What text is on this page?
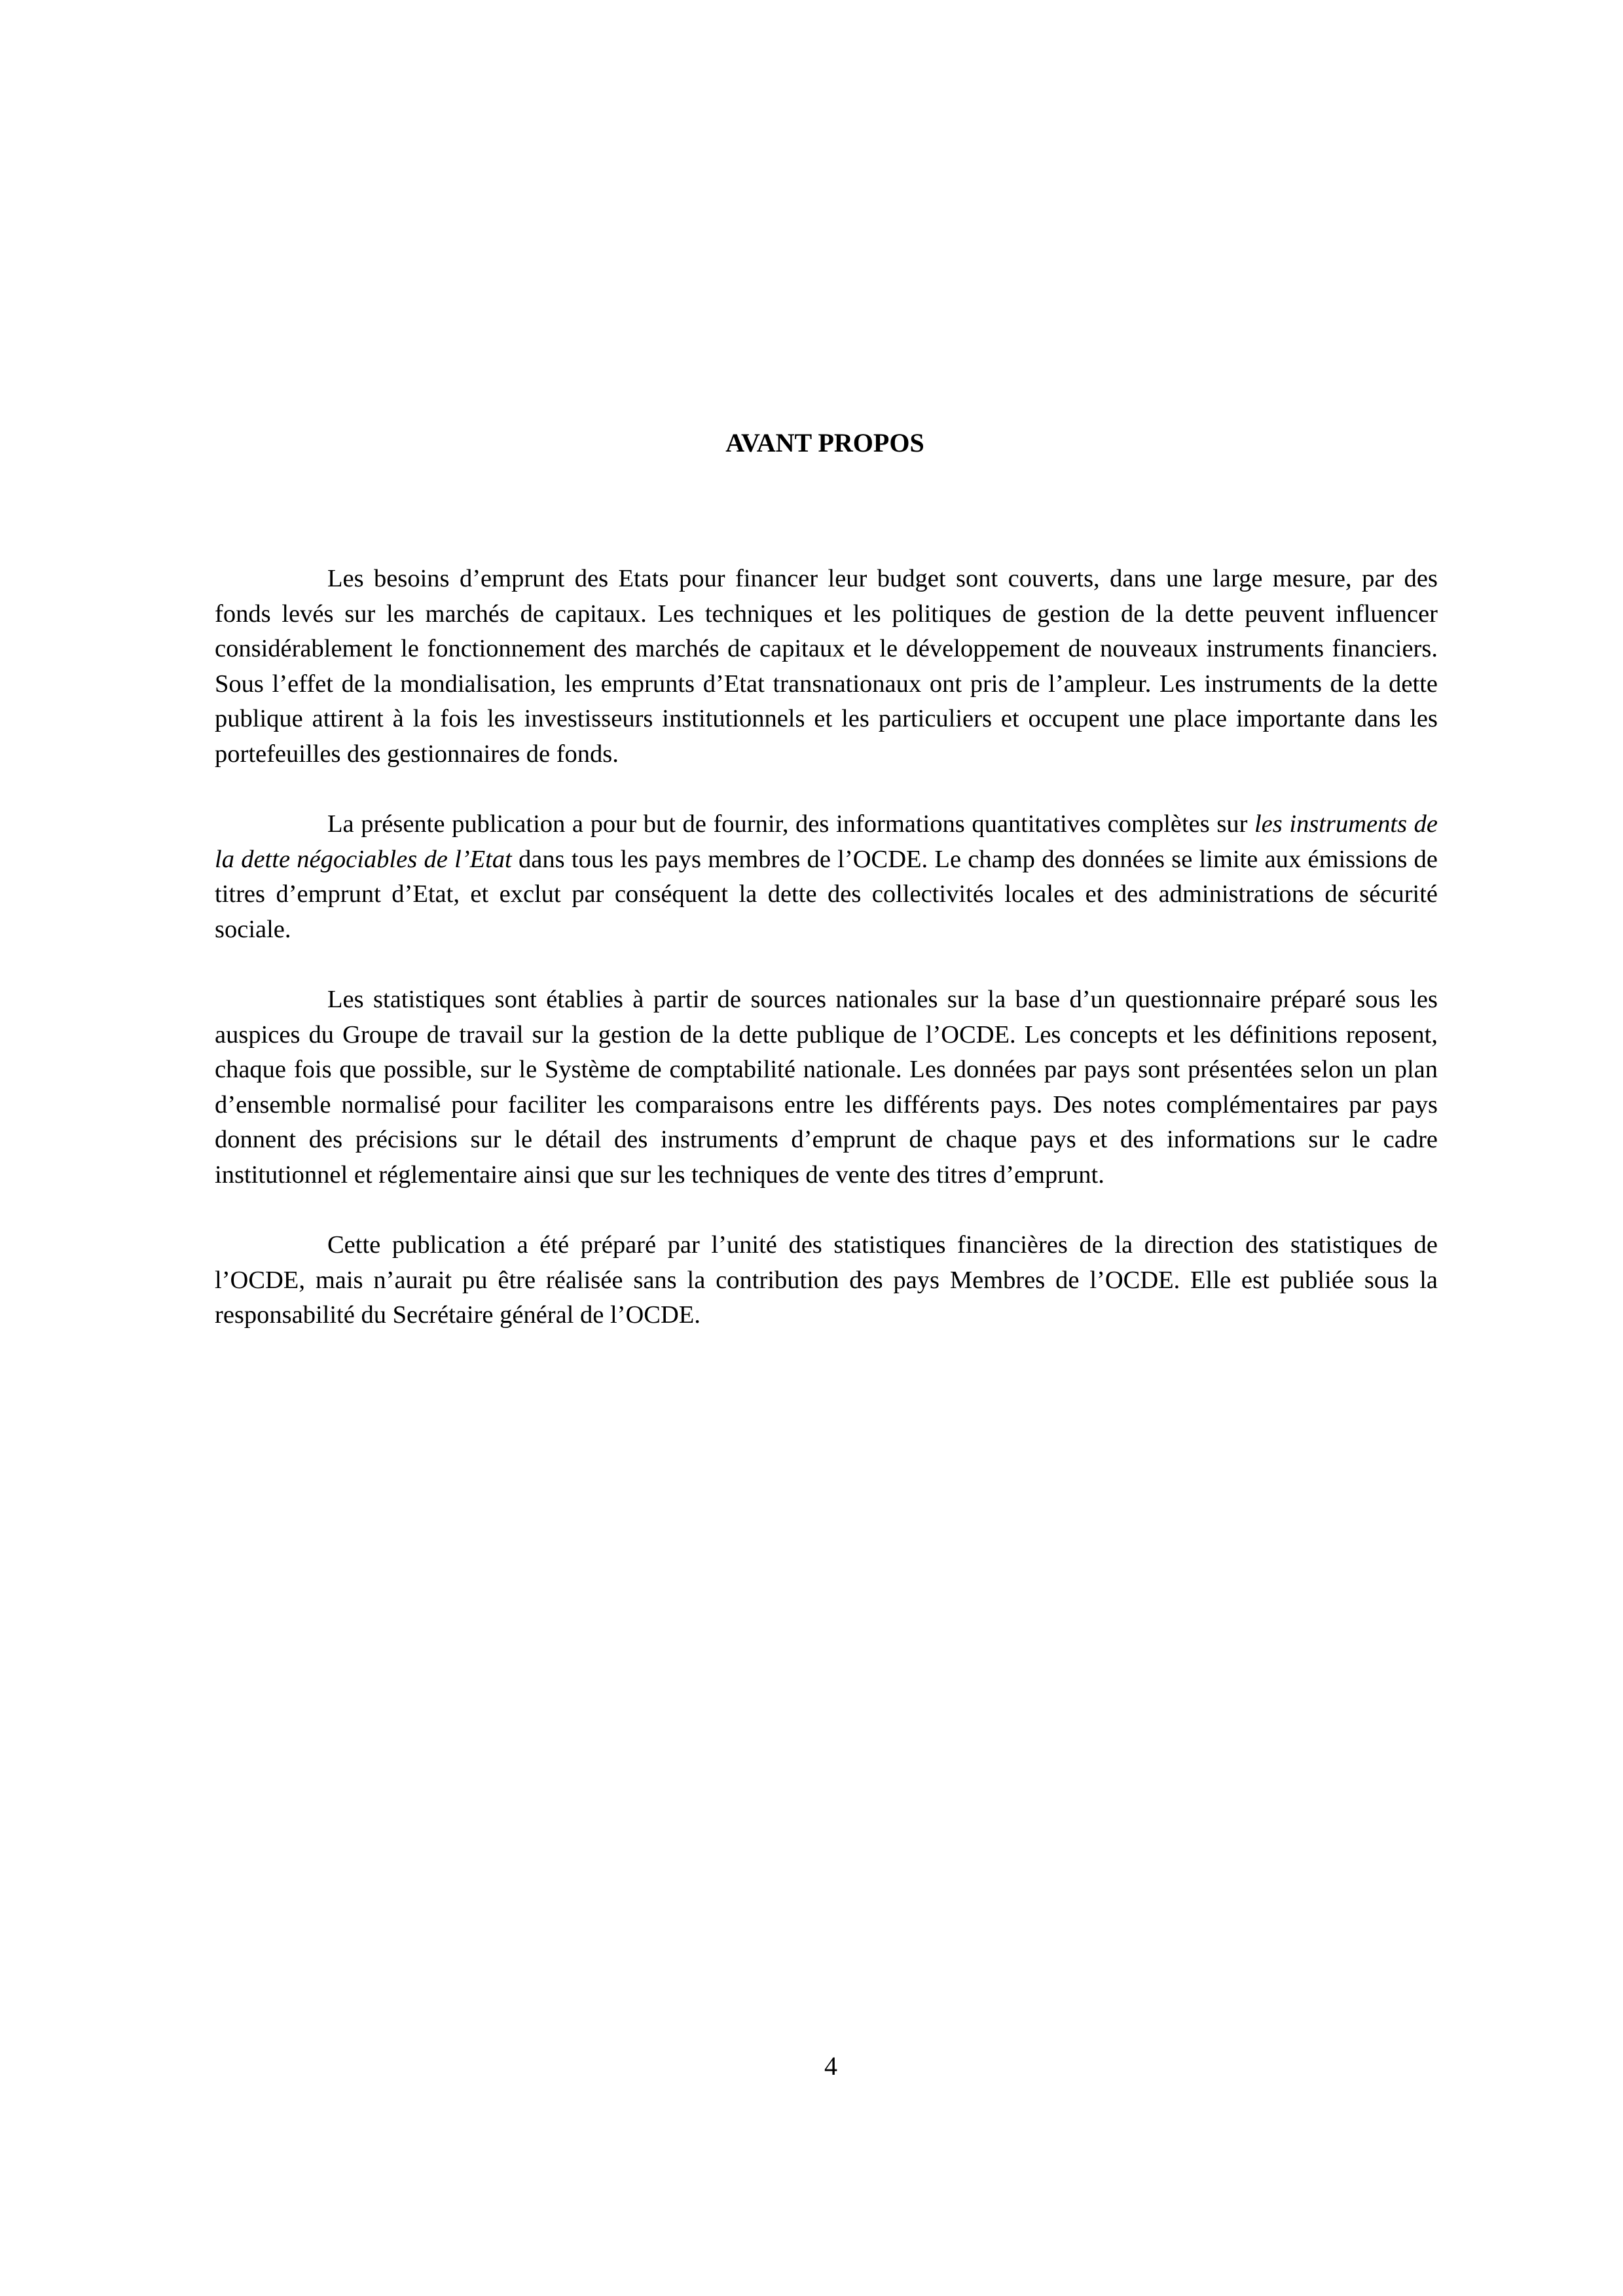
AVANT PROPOS

Les besoins d’emprunt des Etats pour financer leur budget sont couverts, dans une large mesure, par des fonds levés sur les marchés de capitaux. Les techniques et les politiques de gestion de la dette peuvent influencer considérablement le fonctionnement des marchés de capitaux et le développement de nouveaux instruments financiers. Sous l’effet de la mondialisation, les emprunts d’Etat transnationaux ont pris de l’ampleur. Les instruments de la dette publique attirent à la fois les investisseurs institutionnels et les particuliers et occupent une place importante dans les portefeuilles des gestionnaires de fonds.

La présente publication a pour but de fournir, des informations quantitatives complètes sur les instruments de la dette négociables de l’Etat dans tous les pays membres de l’OCDE. Le champ des données se limite aux émissions de titres d’emprunt d’Etat, et exclut par conséquent la dette des collectivités locales et des administrations de sécurité sociale.

Les statistiques sont établies à partir de sources nationales sur la base d’un questionnaire préparé sous les auspices du Groupe de travail sur la gestion de la dette publique de l’OCDE. Les concepts et les définitions reposent, chaque fois que possible, sur le Système de comptabilité nationale. Les données par pays sont présentées selon un plan d’ensemble normalisé pour faciliter les comparaisons entre les différents pays. Des notes complémentaires par pays donnent des précisions sur le détail des instruments d’emprunt de chaque pays et des informations sur le cadre institutionnel et réglementaire ainsi que sur les techniques de vente des titres d’emprunt.

Cette publication a été préparé par l’unité des statistiques financières de la direction des statistiques de l’OCDE, mais n’aurait pu être réalisée sans la contribution des pays Membres de l’OCDE. Elle est publiée sous la responsabilité du Secrétaire général de l’OCDE.

4
